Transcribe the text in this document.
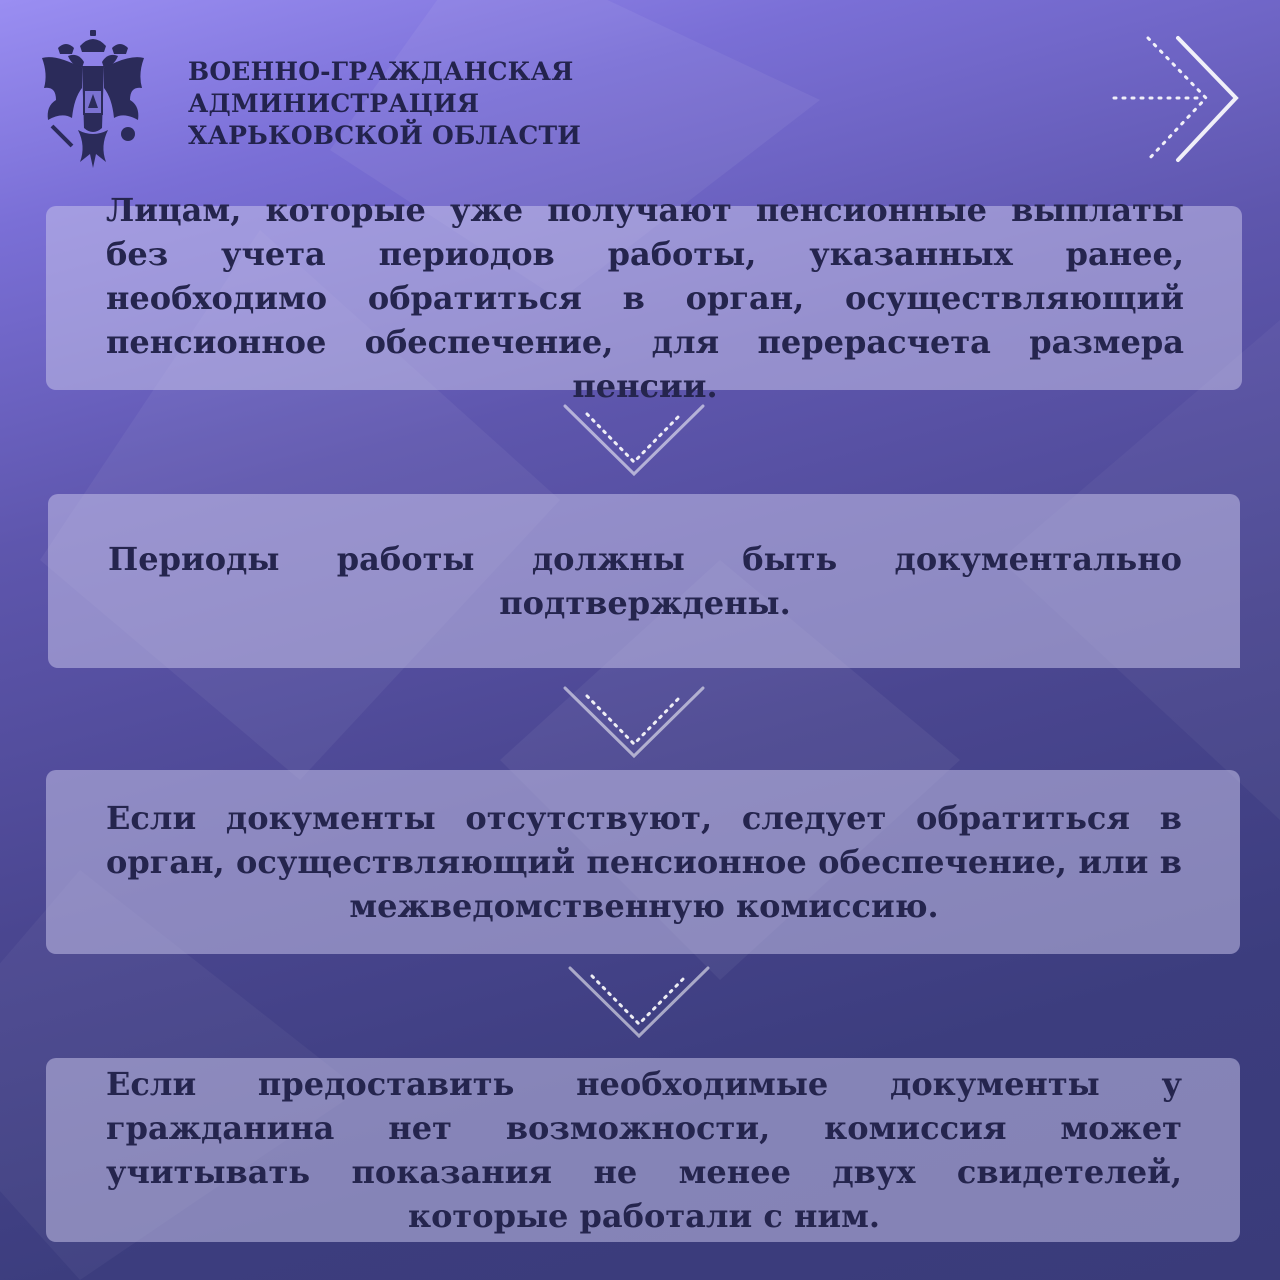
ВОЕННО-ГРАЖДАНСКАЯ
АДМИНИСТРАЦИЯ
ХАРЬКОВСКОЙ ОБЛАСТИ
Лицам, которые уже получают пенсионные выплаты без учета периодов работы, указанных ранее, необходимо обратиться в орган, осуществляющий пенсионное обеспечение, для перерасчета размера пенсии.
Периоды работы должны быть документально подтверждены.
Если документы отсутствуют, следует обратиться в орган, осуществляющий пенсионное обеспечение, или в межведомственную комиссию.
Если предоставить необходимые документы у гражданина нет возможности, комиссия может учитывать показания не менее двух свидетелей, которые работали с ним.
